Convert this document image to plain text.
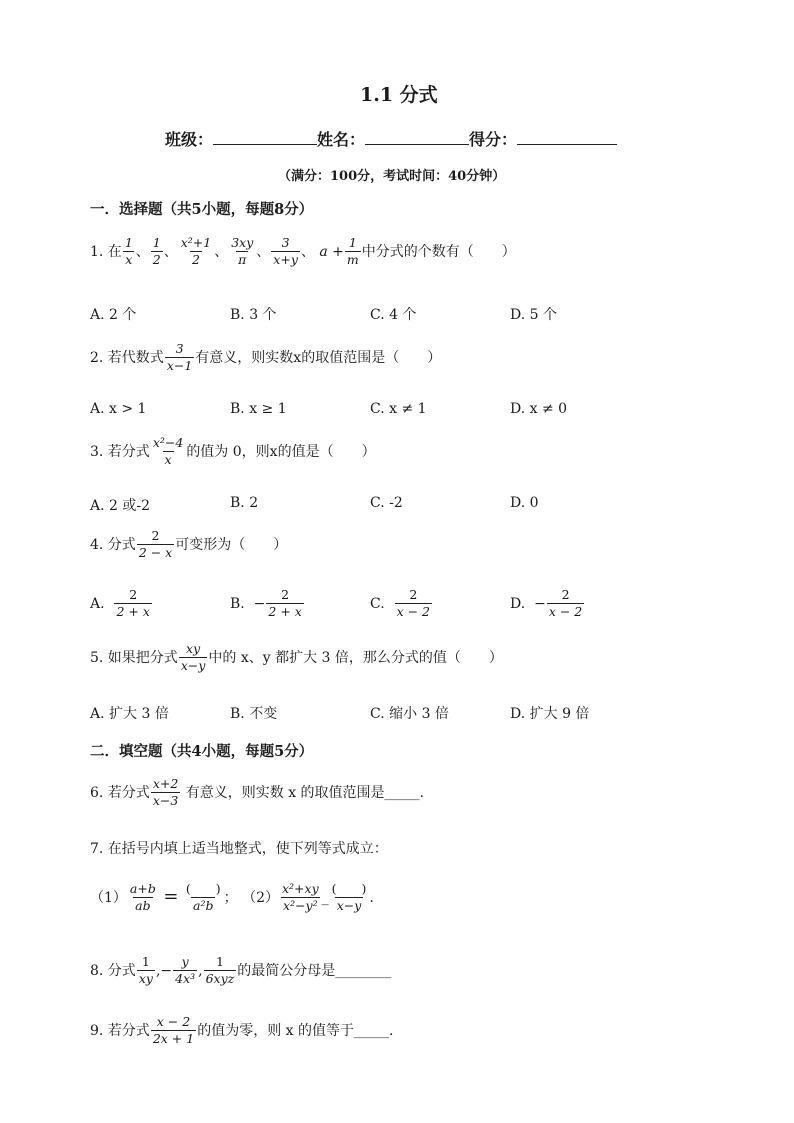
1.1 分式
班级：	姓名：	得分：
（满分：100分，考试时间：40分钟）
一．选择题（共5小题，每题8分）
1. 在 $\frac{1}{x}$ 、 $\frac{1}{2}$ 、 $\frac{\text{x²+1}}{2}$ 、 $\frac{3xy}{\pi}$ 、 $\frac{3}{x+y}$ 、 $a + \frac{1}{m}$ 中分式的个数有（　　）
A. 2 个	B. 3 个	C. 4 个	D. 5 个
2. 若代数式 $\frac{3}{x-1}$ 有意义，则实数x的取值范围是（　　）
A. x > 1	B. x ≥ 1	C. x ≠ 1	D. x ≠ 0
3. 若分式 $\frac{\text{x²−4}}{x}$ 的值为 0，则x的值是（　　）
A. 2 或-2	B. 2	C. -2	D. 0
4. 分式 $\frac{2}{2 - x}$ 可变形为（　　）
A. $\frac{2}{2 + x}$	B. − $\frac{2}{2 + x}$	C. $\frac{2}{x - 2}$	D. − $\frac{2}{x - 2}$
5. 如果把分式 $\frac{xy}{x-y}$ 中的 x、y 都扩大 3 倍，那么分式的值（　　）
A. 扩大 3 倍	B. 不变	C. 缩小 3 倍	D. 扩大 9 倍
二．填空题（共4小题，每题5分）
6. 若分式 $\frac{x+2}{x-3}$ 有意义，则实数 x 的取值范围是_____.
7. 在括号内填上适当地整式，使下列等式成立：
$(1) \frac{a+b}{ab} = \frac{( )}{\text{a²b}}$ ； $(2) \frac{\text{x²+xy}}{\text{x²−y²}}$ _ $\frac{( )}{x-y}$ .
8. 分式 $\frac{1}{xy}$ ,− $\frac{y}{\text{4x³}}$ , $\frac{1}{\text{6xyz}}$ 的最简公分母是________
9. 若分式 $\frac{x - 2}{2x + 1}$ 的值为零，则 x 的值等于_____.
